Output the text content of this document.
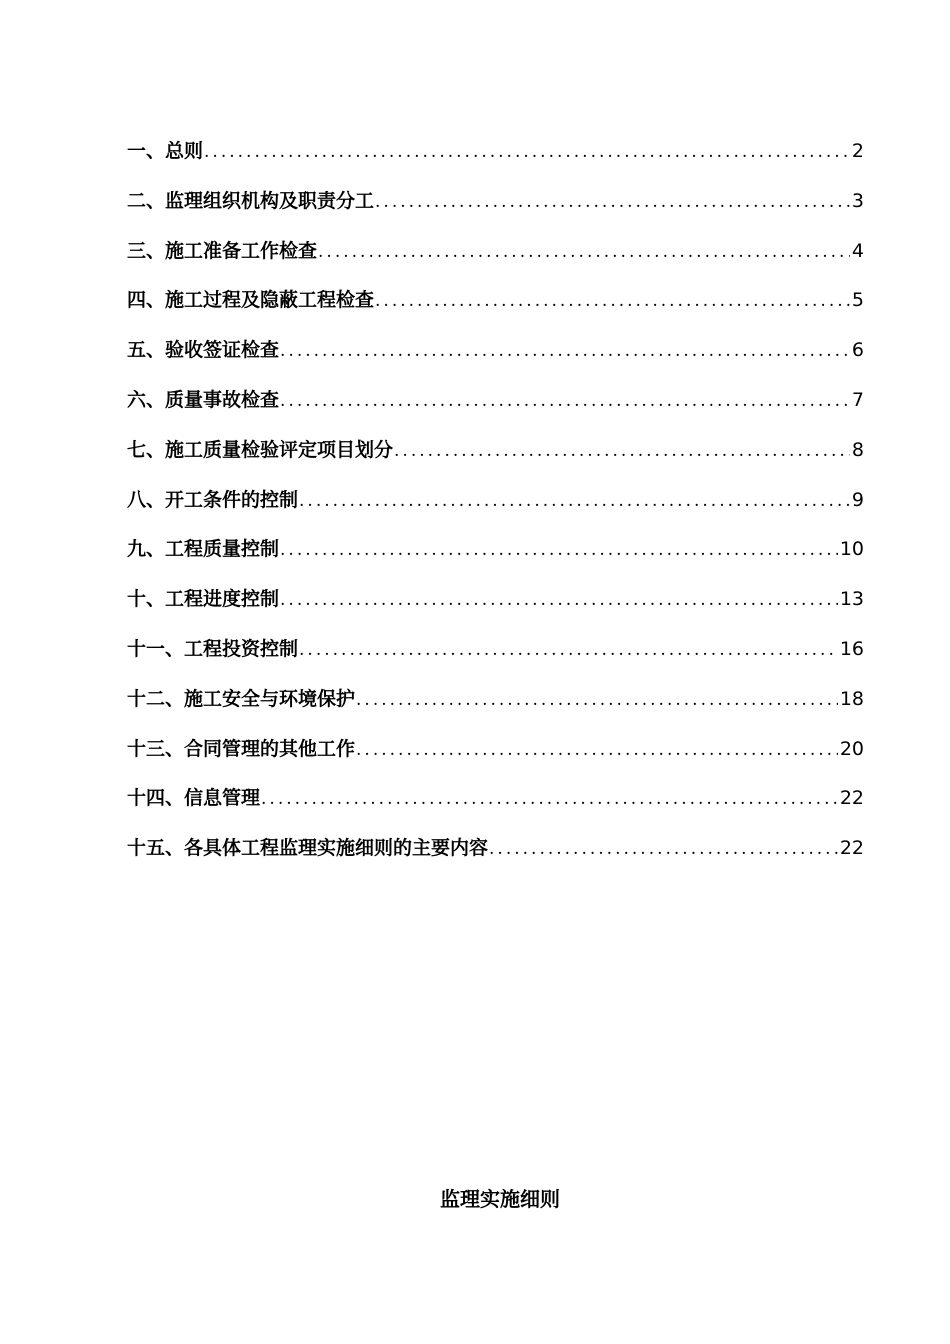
一、总则 .....	2
二、监理组织机构及职责分工 .....	3
三、施工准备工作检查 .....	4
四、施工过程及隐蔽工程检查 .....	5
五、验收签证检查 .....	6
六、质量事故检查 .....	7
七、施工质量检验评定项目划分 .....	8
八、开工条件的控制 .....	9
九、工程质量控制 .....	10
十、工程进度控制 .....	13
十一、工程投资控制 .....	16
十二、施工安全与环境保护 .....	18
十三、合同管理的其他工作 .....	20
十四、信息管理 .....	22
十五、各具体工程监理实施细则的主要内容 .....	22
监理实施细则
